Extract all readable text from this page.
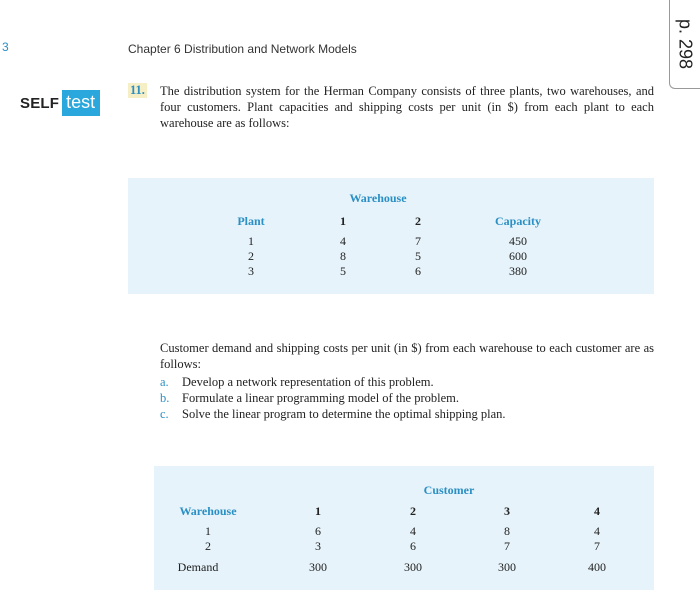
3	Chapter 6 Distribution and Network Models	p. 298
SELF test
11. The distribution system for the Herman Company consists of three plants, two warehouses, and four customers. Plant capacities and shipping costs per unit (in $) from each plant to each warehouse are as follows:
Warehouse
Plant	1	2	Capacity
1	4	7	450
2	8	5	600
3	5	6	380
Customer demand and shipping costs per unit (in $) from each warehouse to each customer are as follows:
a.	Develop a network representation of this problem.
b.	Formulate a linear programming model of the problem.
c.	Solve the linear program to determine the optimal shipping plan.
Customer
Warehouse	1	2	3	4
1	6	4	8	4
2	3	6	7	7
Demand	300	300	300	400
